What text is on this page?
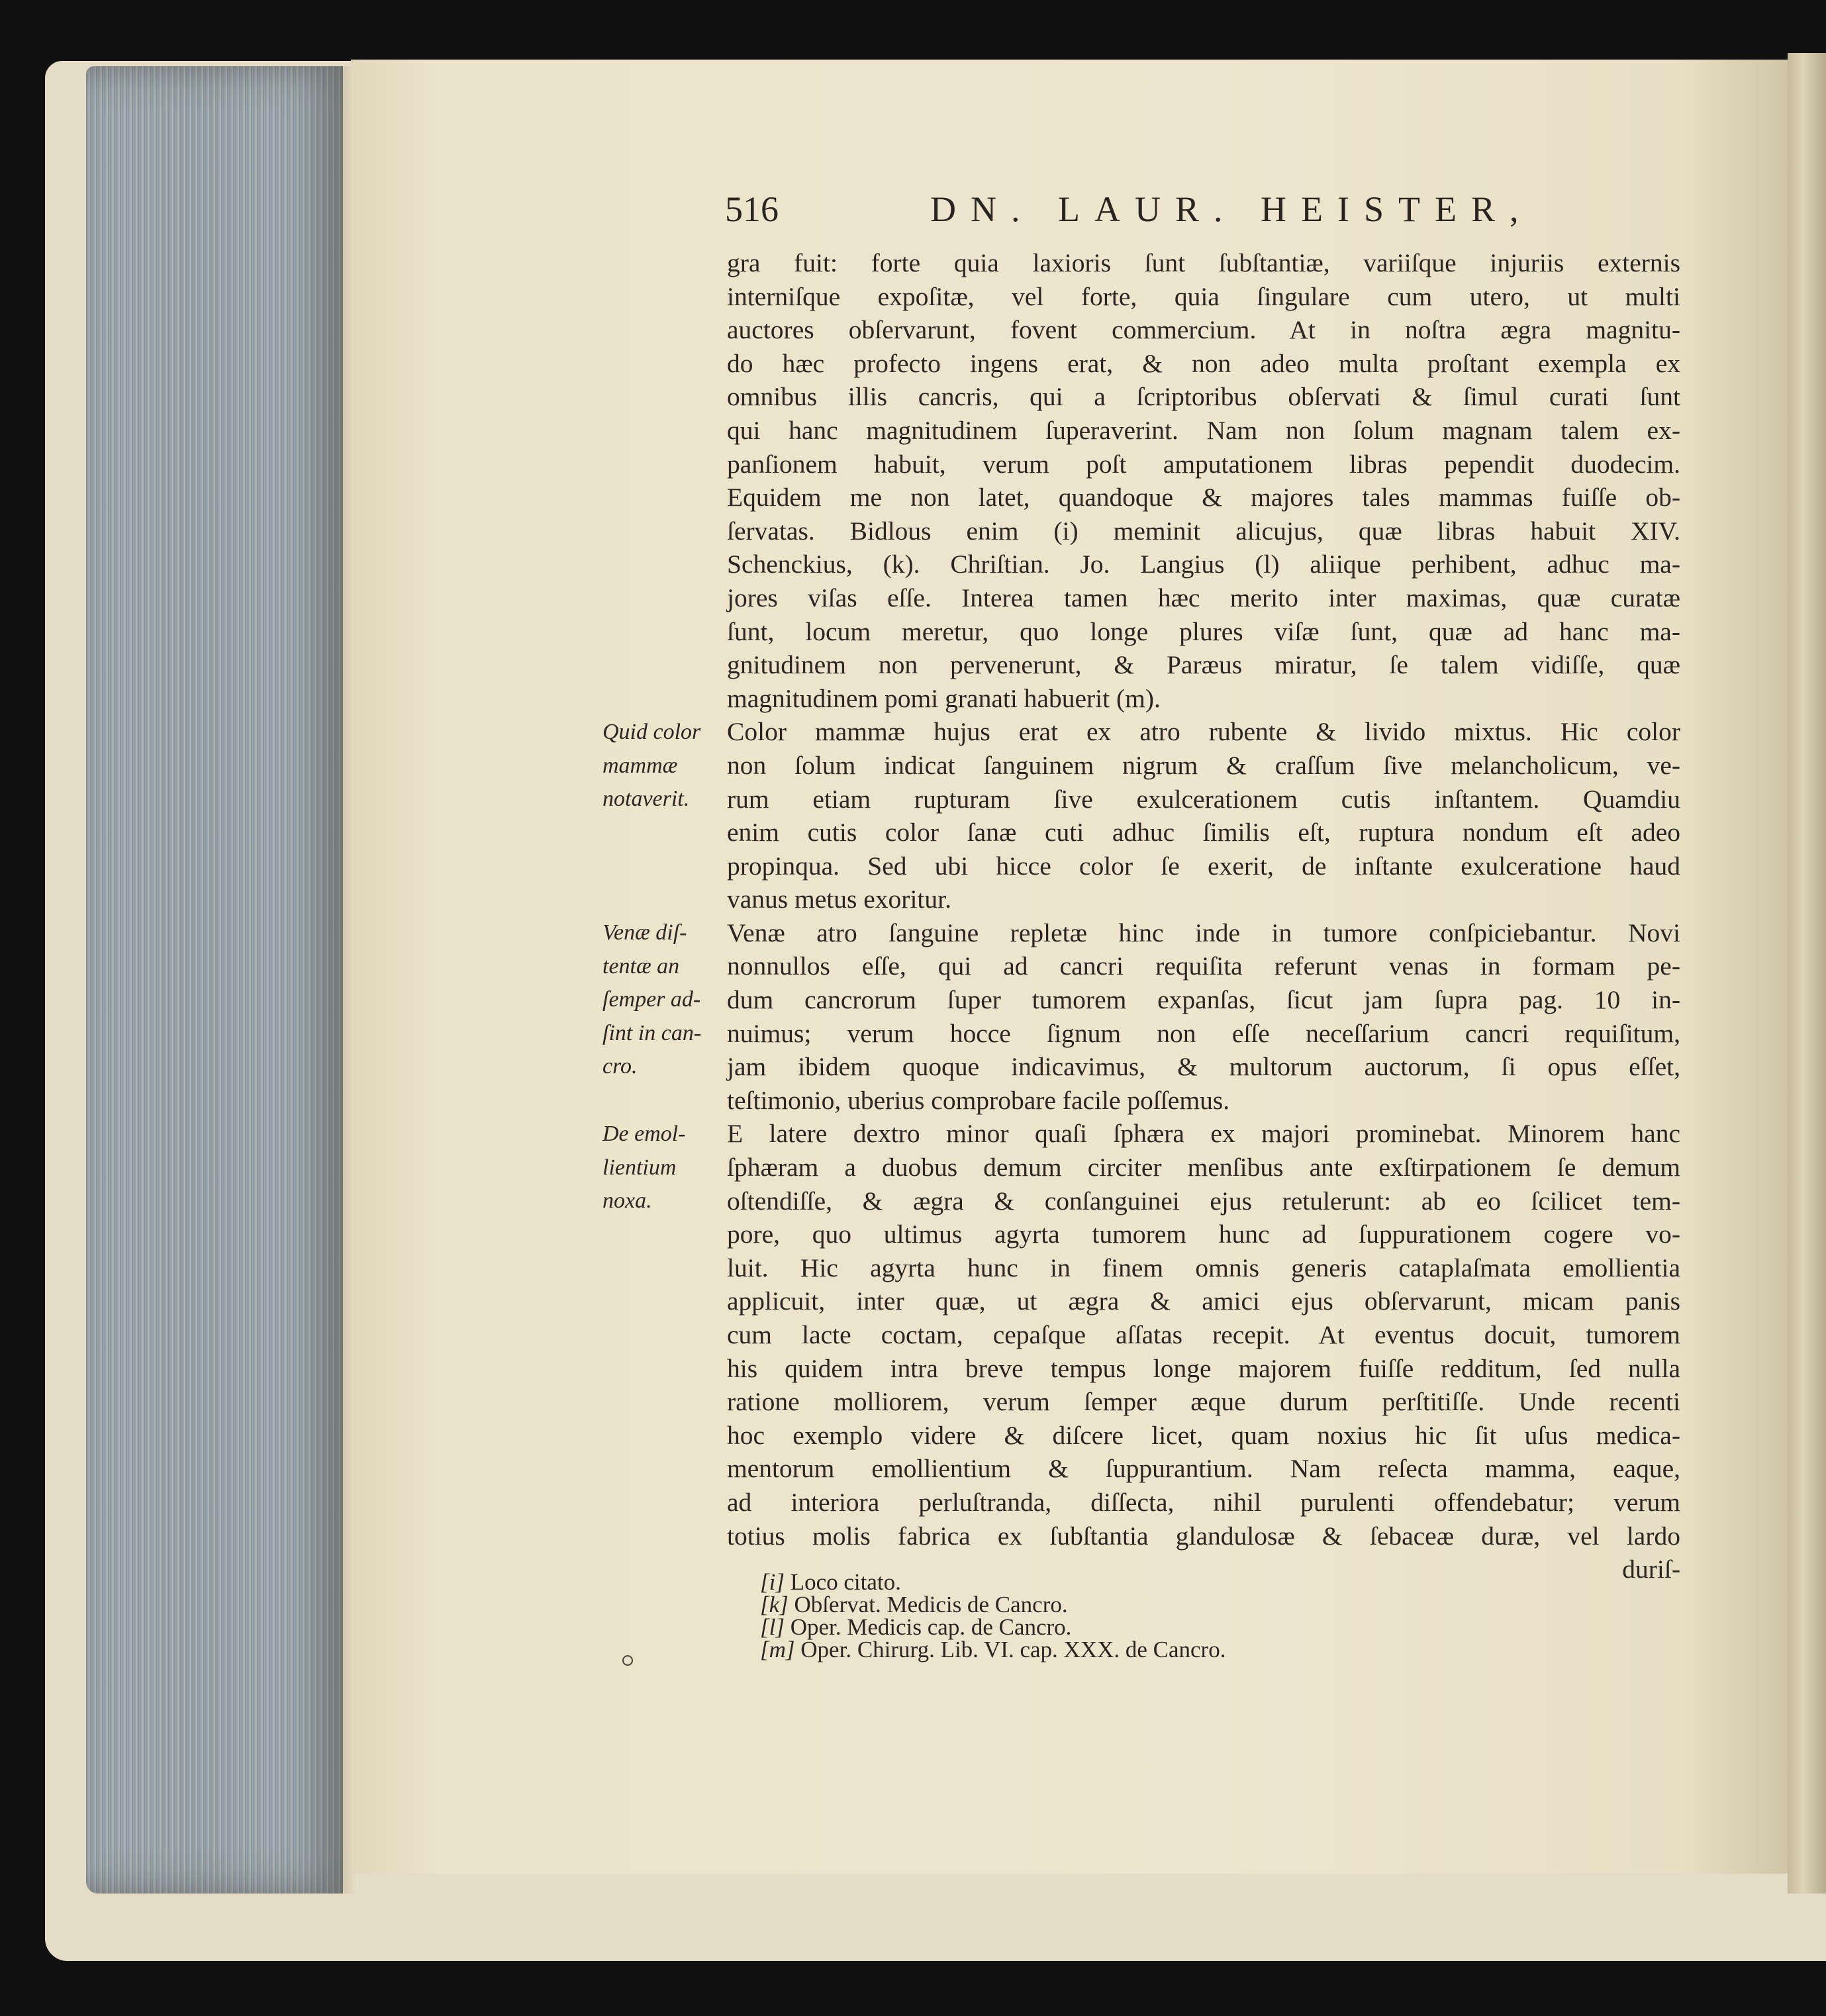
516	DN. LAUR. HEISTER,
gra fuit: forte quia laxioris ſunt ſubſtantiæ, variiſque injuriis externis
interniſque expoſitæ, vel forte, quia ſingulare cum utero, ut multi
auctores obſervarunt, fovent commercium. At in noſtra ægra magnitu-
do hæc profecto ingens erat, & non adeo multa proſtant exempla ex
omnibus illis cancris, qui a ſcriptoribus obſervati & ſimul curati ſunt
qui hanc magnitudinem ſuperaverint. Nam non ſolum magnam talem ex-
panſionem habuit, verum poſt amputationem libras pependit duodecim.
Equidem me non latet, quandoque & majores tales mammas fuiſſe ob-
ſervatas. Bidlous enim (i) meminit alicujus, quæ libras habuit XIV.
Schenckius, (k). Chriſtian. Jo. Langius (l) aliique perhibent, adhuc ma-
jores viſas eſſe. Interea tamen hæc merito inter maximas, quæ curatæ
ſunt, locum meretur, quo longe plures viſæ ſunt, quæ ad hanc ma-
gnitudinem non pervenerunt, & Paræus miratur, ſe talem vidiſſe, quæ
magnitudinem pomi granati habuerit (m).
Color mammæ hujus erat ex atro rubente & livido mixtus. Hic color
non ſolum indicat ſanguinem nigrum & craſſum ſive melancholicum, ve-
rum etiam rupturam ſive exulcerationem cutis inſtantem. Quamdiu
enim cutis color ſanæ cuti adhuc ſimilis eſt, ruptura nondum eſt adeo
propinqua. Sed ubi hicce color ſe exerit, de inſtante exulceratione haud
vanus metus exoritur.
Venæ atro ſanguine repletæ hinc inde in tumore conſpiciebantur. Novi
nonnullos eſſe, qui ad cancri requiſita referunt venas in formam pe-
dum cancrorum ſuper tumorem expanſas, ſicut jam ſupra pag. 10 in-
nuimus; verum hocce ſignum non eſſe neceſſarium cancri requiſitum,
jam ibidem quoque indicavimus, & multorum auctorum, ſi opus eſſet,
teſtimonio, uberius comprobare facile poſſemus.
E latere dextro minor quaſi ſphæra ex majori prominebat. Minorem hanc
ſphæram a duobus demum circiter menſibus ante exſtirpationem ſe demum
oſtendiſſe, & ægra & conſanguinei ejus retulerunt: ab eo ſcilicet tem-
pore, quo ultimus agyrta tumorem hunc ad ſuppurationem cogere vo-
luit. Hic agyrta hunc in finem omnis generis cataplaſmata emollientia
applicuit, inter quæ, ut ægra & amici ejus obſervarunt, micam panis
cum lacte coctam, cepaſque aſſatas recepit. At eventus docuit, tumorem
his quidem intra breve tempus longe majorem fuiſſe redditum, ſed nulla
ratione molliorem, verum ſemper æque durum perſtitiſſe. Unde recenti
hoc exemplo videre & diſcere licet, quam noxius hic ſit uſus medica-
mentorum emollientium & ſuppurantium. Nam reſecta mamma, eaque,
ad interiora perluſtranda, diſſecta, nihil purulenti offendebatur; verum
totius molis fabrica ex ſubſtantia glandulosæ & ſebaceæ duræ, vel lardo
duriſ-
Quid color
mammæ
notaverit.
Venæ diſ-
tentæ an
ſemper ad-
ſint in can-
cro.
De emol-
lientium
noxa.
[i] Loco citato.
[k] Obſervat. Medicis de Cancro.
[l] Oper. Medicis cap. de Cancro.
[m] Oper. Chirurg. Lib. VI. cap. XXX. de Cancro.
